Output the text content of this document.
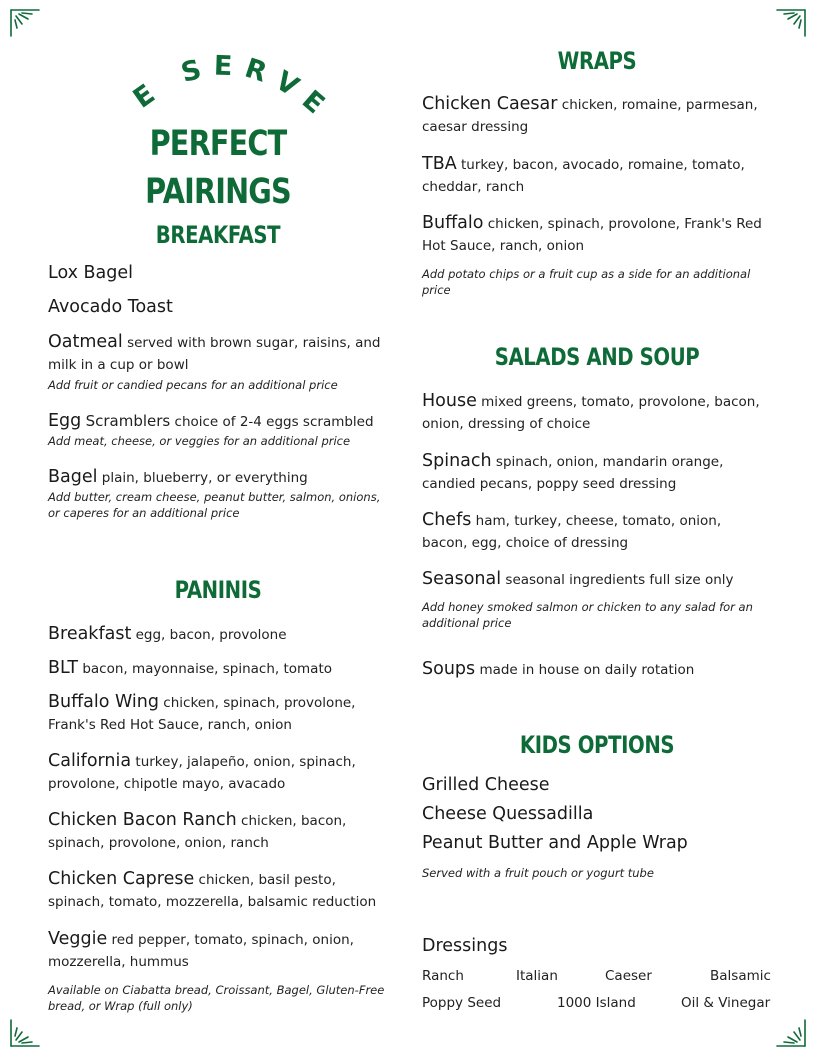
WE SERVE.
PERFECT PAIRINGS
BREAKFAST

Lox Bagel

Avocado Toast

Oatmeal served with brown sugar, raisins, and milk in a cup or bowl

Add fruit or candied pecans for an additional price

Egg Scramblers choice of 2-4 eggs scrambled

Add meat, cheese, or veggies for an additional price

Bagel plain, blueberry, or everything

Add butter, cream cheese, peanut butter, salmon, onions, or caperes for an additional price

PANINIS

Breakfast egg, bacon, provolone

BLT bacon, mayonnaise, spinach, tomato

Buffalo Wing chicken, spinach, provolone, Frank's Red Hot Sauce, ranch, onion

California turkey, jalapeño, onion, spinach, provolone, chipotle mayo, avacado

Chicken Bacon Ranch chicken, bacon, spinach, provolone, onion, ranch

Chicken Caprese chicken, basil pesto, spinach, tomato, mozzerella, balsamic reduction

Veggie red pepper, tomato, spinach, onion, mozzerella, hummus

Available on Ciabatta bread, Croissant, Bagel, Gluten-Free bread, or Wrap (full only)

WRAPS

Chicken Caesar chicken, romaine, parmesan, caesar dressing

TBA turkey, bacon, avocado, romaine, tomato, cheddar, ranch

Buffalo chicken, spinach, provolone, Frank's Red Hot Sauce, ranch, onion

Add potato chips or a fruit cup as a side for an additional price

SALADS AND SOUP

House mixed greens, tomato, provolone, bacon, onion, dressing of choice

Spinach spinach, onion, mandarin orange, candied pecans, poppy seed dressing

Chefs ham, turkey, cheese, tomato, onion, bacon, egg, choice of dressing

Seasonal seasonal ingredients full size only

Add honey smoked salmon or chicken to any salad for an additional price

Soups made in house on daily rotation

KIDS OPTIONS

Grilled Cheese

Cheese Quessadilla

Peanut Butter and Apple Wrap

Served with a fruit pouch or yogurt tube

Dressings

Ranch	Italian	Caeser	Balsamic

Poppy Seed	1000 Island	Oil & Vinegar
